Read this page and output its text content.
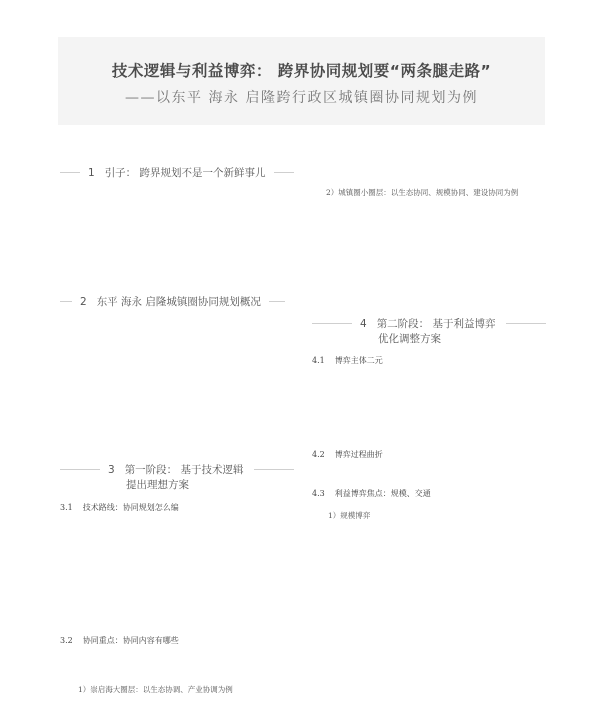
技术逻辑与利益博弈： 跨界协同规划要“两条腿走路”
——以东平 海永 启隆跨行政区城镇圈协同规划为例
1 引子： 跨界规划不是一个新鲜事儿
2 东平 海永 启隆城镇圈协同规划概况
3 第一阶段： 基于技术逻辑
提出理想方案
4 第二阶段： 基于利益博弈
优化调整方案
3.1 技术路线：协同规划怎么编
3.2 协同重点：协同内容有哪些
4.1 博弈主体二元
4.2 博弈过程曲折
4.3 利益博弈焦点：规模、交通
1）崇启海大圈层：以生态协调、产业协调为例
2）城镇圈小圈层：以生态协同、规模协同、建设协同为例
1）规模博弈
